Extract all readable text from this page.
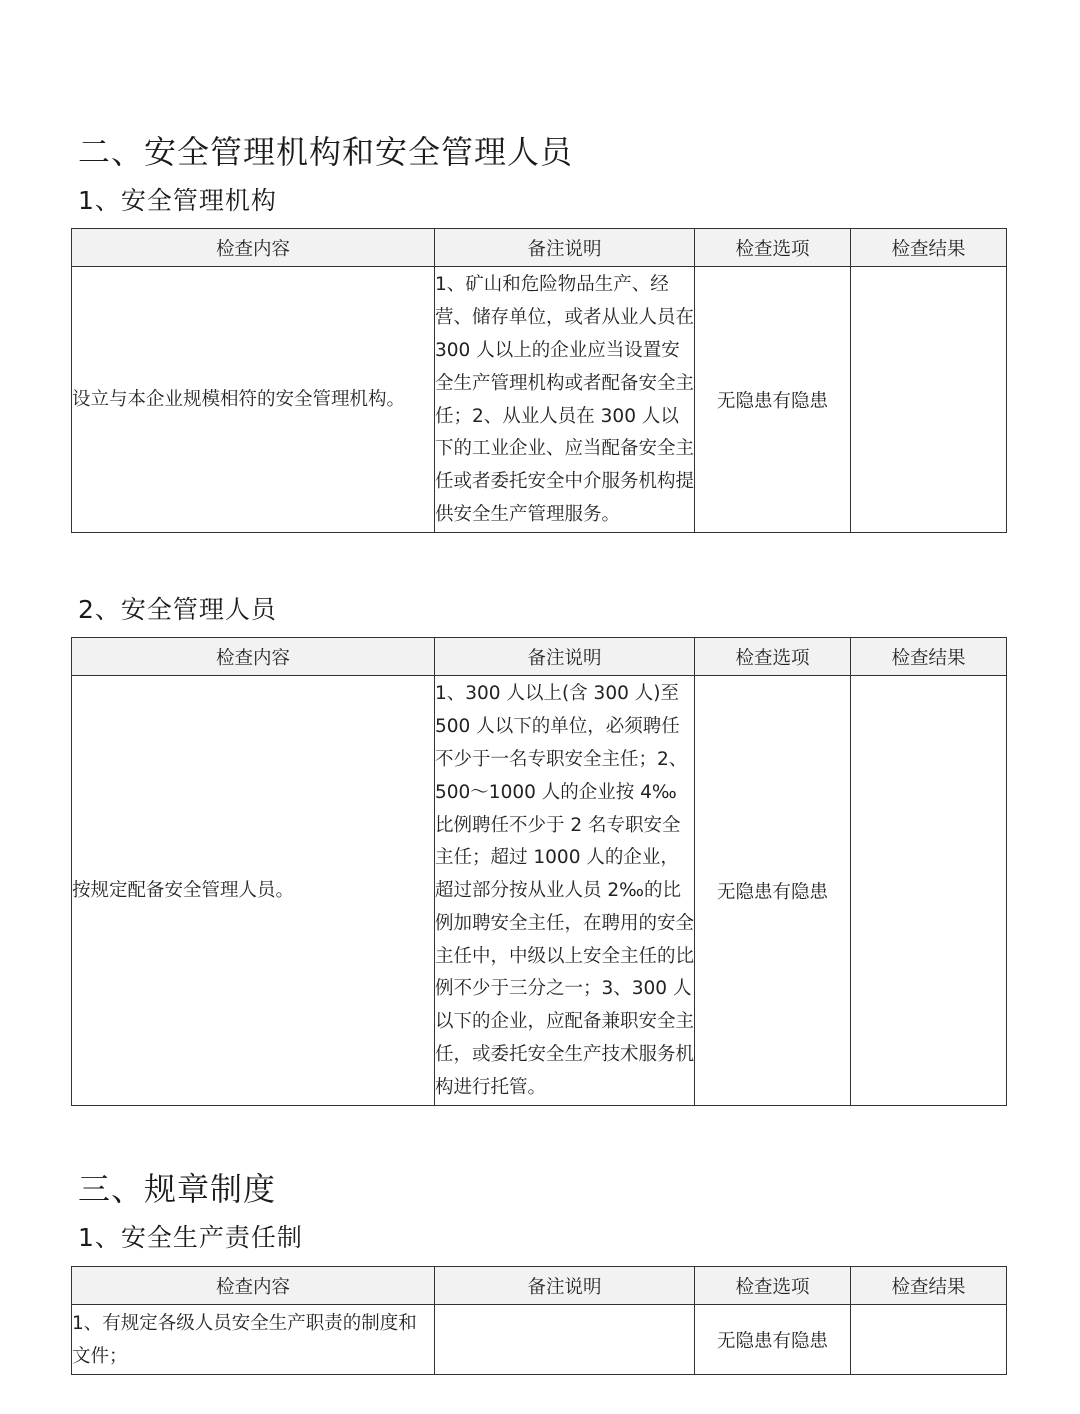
二、安全管理机构和安全管理人员
1、安全管理机构
检查内容	备注说明	检查选项	检查结果
设立与本企业规模相符的安全管理机构。	1、矿山和危险物品生产、经营、储存单位，或者从业人员在 300 人以上的企业应当设置安全生产管理机构或者配备安全主任；2、从业人员在 300 人以下的工业企业、应当配备安全主任或者委托安全中介服务机构提供安全生产管理服务。	无隐患有隐患	
2、安全管理人员
检查内容	备注说明	检查选项	检查结果
按规定配备安全管理人员。	1、300 人以上(含 300 人)至 500 人以下的单位，必须聘任不少于一名专职安全主任；2、500～1000 人的企业按 4‰比例聘任不少于 2 名专职安全主任；超过 1000 人的企业，超过部分按从业人员 2‰的比例加聘安全主任，在聘用的安全主任中，中级以上安全主任的比例不少于三分之一；3、300 人以下的企业，应配备兼职安全主任，或委托安全生产技术服务机构进行托管。	无隐患有隐患	
三、规章制度
1、安全生产责任制
检查内容	备注说明	检查选项	检查结果
1、有规定各级人员安全生产职责的制度和文件；		无隐患有隐患	
